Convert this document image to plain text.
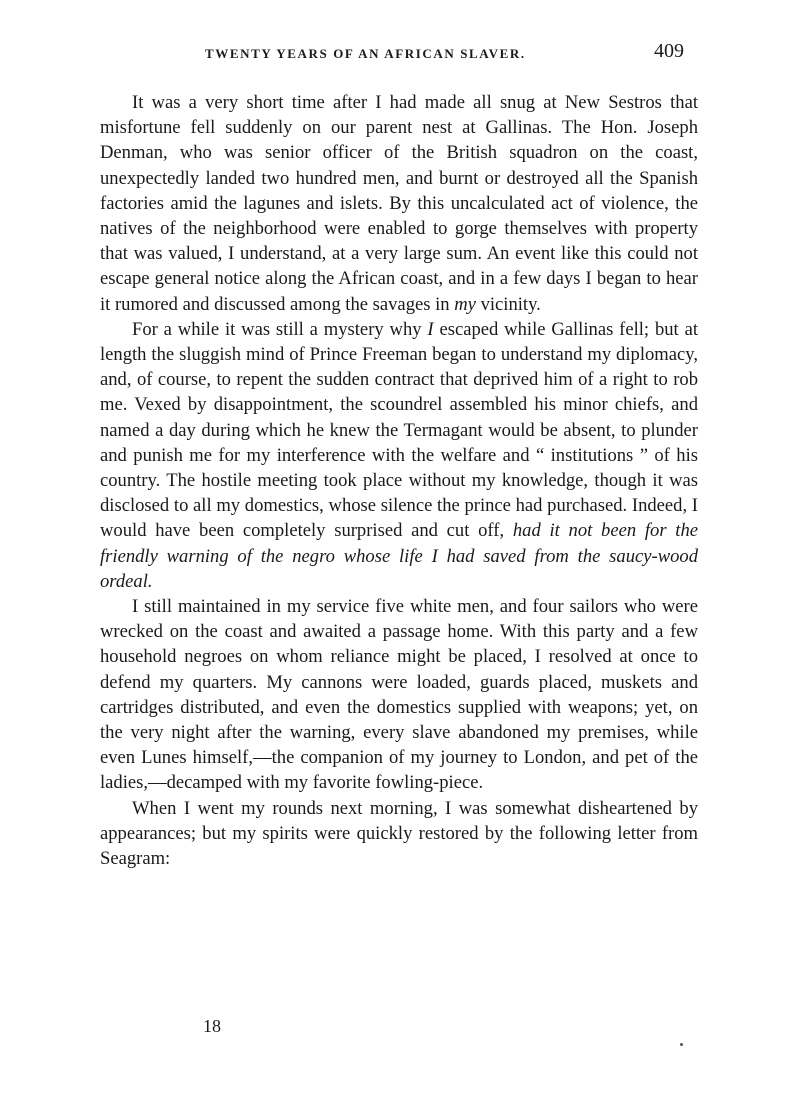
TWENTY YEARS OF AN AFRICAN SLAVER.	409

It was a very short time after I had made all snug at New Sestros that misfortune fell suddenly on our parent nest at Gallinas. The Hon. Joseph Denman, who was senior officer of the British squadron on the coast, unexpectedly landed two hundred men, and burnt or destroyed all the Spanish factories amid the lagunes and islets. By this uncalculated act of violence, the natives of the neighborhood were enabled to gorge themselves with property that was valued, I understand, at a very large sum. An event like this could not escape general notice along the African coast, and in a few days I began to hear it rumored and discussed among the savages in my vicinity.

For a while it was still a mystery why I escaped while Gallinas fell; but at length the sluggish mind of Prince Freeman began to understand my diplomacy, and, of course, to repent the sudden contract that deprived him of a right to rob me. Vexed by disappointment, the scoundrel assembled his minor chiefs, and named a day during which he knew the Termagant would be absent, to plunder and punish me for my interference with the welfare and “ institutions ” of his country. The hostile meeting took place without my knowledge, though it was disclosed to all my domestics, whose silence the prince had purchased. Indeed, I would have been completely surprised and cut off, had it not been for the friendly warning of the negro whose life I had saved from the saucy-wood ordeal.

I still maintained in my service five white men, and four sailors who were wrecked on the coast and awaited a passage home. With this party and a few household negroes on whom reliance might be placed, I resolved at once to defend my quarters. My cannons were loaded, guards placed, muskets and cartridges distributed, and even the domestics supplied with weapons; yet, on the very night after the warning, every slave abandoned my premises, while even Lunes himself,—the companion of my journey to London, and pet of the ladies,—decamped with my favorite fowling-piece.

When I went my rounds next morning, I was somewhat disheartened by appearances; but my spirits were quickly restored by the following letter from Seagram:

18
